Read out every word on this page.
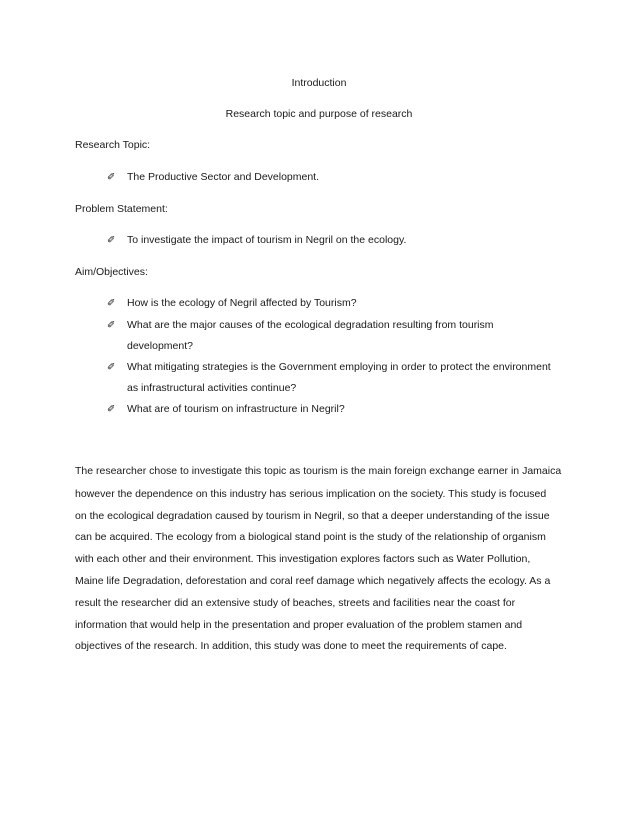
Introduction
Research topic and purpose of research
Research Topic:
✐ The Productive Sector and Development.
Problem Statement:
✐ To investigate the impact of tourism in Negril on the ecology.
Aim/Objectives:
✐ How is the ecology of Negril affected by Tourism?
✐ What are the major causes of the ecological degradation resulting from tourism
development?
✐ What mitigating strategies is the Government employing in order to protect the environment
as infrastructural activities continue?
✐ What are of tourism on infrastructure in Negril?
The researcher chose to investigate this topic as tourism is the main foreign exchange earner in Jamaica
however the dependence on this industry has serious implication on the society. This study is focused
on the ecological degradation caused by tourism in Negril, so that a deeper understanding of the issue
can be acquired. The ecology from a biological stand point is the study of the relationship of organism
with each other and their environment. This investigation explores factors such as Water Pollution,
Maine life Degradation, deforestation and coral reef damage which negatively affects the ecology. As a
result the researcher did an extensive study of beaches, streets and facilities near the coast for
information that would help in the presentation and proper evaluation of the problem stamen and
objectives of the research. In addition, this study was done to meet the requirements of cape.
